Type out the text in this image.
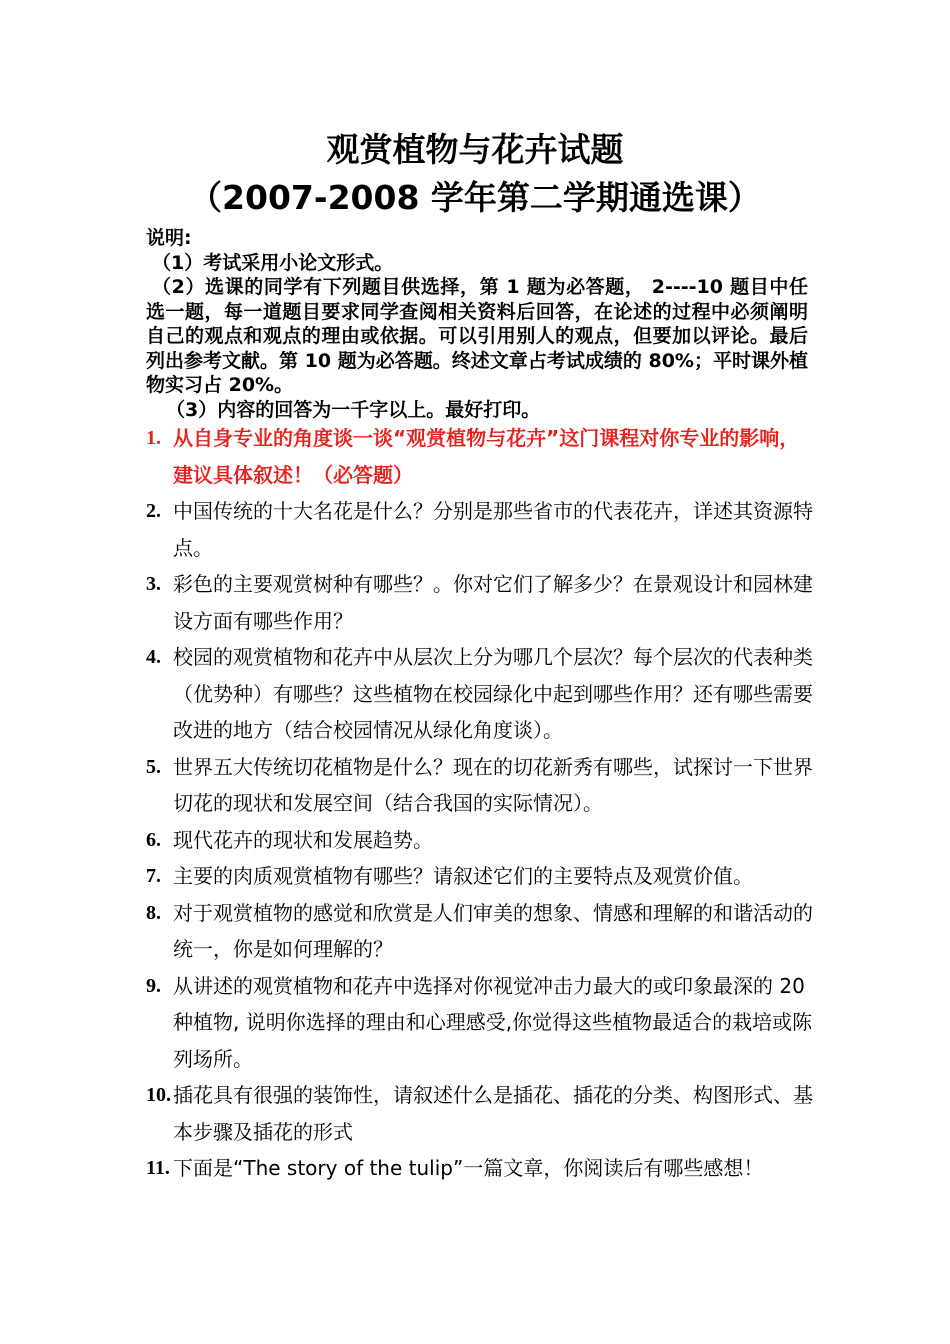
观赏植物与花卉试题
（2007-2008 学年第二学期通选课）

说明:

（1）考试采用小论文形式。

（2）选课的同学有下列题目供选择，第 1 题为必答题， 2----10 题目中任选一题，每一道题目要求同学查阅相关资料后回答，在论述的过程中必须阐明自己的观点和观点的理由或依据。可以引用别人的观点，但要加以评论。最后列出参考文献。第 10 题为必答题。终述文章占考试成绩的 80%；平时课外植物实习占 20%。

（3）内容的回答为一千字以上。最好打印。

1. 从自身专业的角度谈一谈“观赏植物与花卉”这门课程对你专业的影响，建议具体叙述！（必答题）
2. 中国传统的十大名花是什么？分别是那些省市的代表花卉，详述其资源特点。
3. 彩色的主要观赏树种有哪些？。你对它们了解多少？在景观设计和园林建设方面有哪些作用？
4. 校园的观赏植物和花卉中从层次上分为哪几个层次？每个层次的代表种类（优势种）有哪些？这些植物在校园绿化中起到哪些作用？还有哪些需要改进的地方（结合校园情况从绿化角度谈）。
5. 世界五大传统切花植物是什么？现在的切花新秀有哪些，试探讨一下世界切花的现状和发展空间（结合我国的实际情况）。
6. 现代花卉的现状和发展趋势。
7. 主要的肉质观赏植物有哪些？请叙述它们的主要特点及观赏价值。
8. 对于观赏植物的感觉和欣赏是人们审美的想象、情感和理解的和谐活动的统一，你是如何理解的？
9. 从讲述的观赏植物和花卉中选择对你视觉冲击力最大的或印象最深的 20 种植物, 说明你选择的理由和心理感受,你觉得这些植物最适合的栽培或陈列场所。
10. 插花具有很强的装饰性，请叙述什么是插花、插花的分类、构图形式、基本步骤及插花的形式
11. 下面是“The story of the tulip”一篇文章，你阅读后有哪些感想！
